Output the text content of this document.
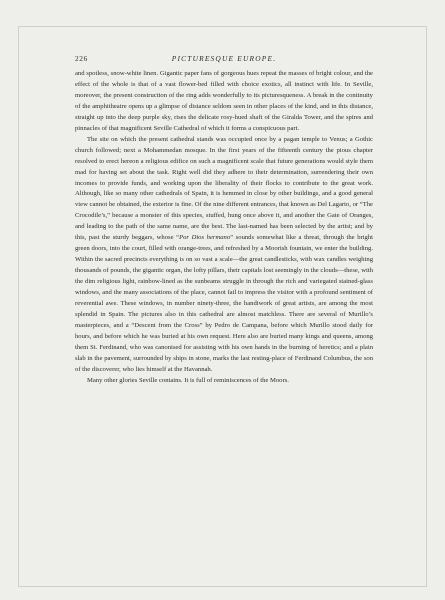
226	PICTURESQUE EUROPE.

and spotless, snow-white linen. Gigantic paper fans of gorgeous hues repeat the masses of bright colour, and the effect of the whole is that of a vast flower-bed filled with choice exotics, all instinct with life. In Seville, moreover, the present construction of the ring adds wonderfully to its picturesqueness. A break in the continuity of the amphitheatre opens up a glimpse of distance seldom seen in other places of the kind, and in this distance, straight up into the deep purple sky, rises the delicate rosy-hued shaft of the Giralda Tower, and the spires and pinnacles of that magnificent Seville Cathedral of which it forms a conspicuous part.

The site on which the present cathedral stands was occupied once by a pagan temple to Venus; a Gothic church followed; next a Mohammedan mosque. In the first years of the fifteenth century the pious chapter resolved to erect hereon a religious edifice on such a magnificent scale that future generations would style them mad for having set about the task. Right well did they adhere to their determination, surrendering their own incomes to provide funds, and working upon the liberality of their flocks to contribute to the great work. Although, like so many other cathedrals of Spain, it is hemmed in close by other buildings, and a good general view cannot be obtained, the exterior is fine. Of the nine different entrances, that known as Del Lagarto, or “The Crocodile’s,” because a monster of this species, stuffed, hung once above it, and another the Gate of Oranges, and leading to the path of the same name, are the best. The last-named has been selected by the artist; and by this, past the sturdy beggars, whose “Por Dios hermano” sounds somewhat like a threat, through the bright green doors, into the court, filled with orange-trees, and refreshed by a Moorish fountain, we enter the building. Within the sacred precincts everything is on so vast a scale—the great candlesticks, with wax candles weighing thousands of pounds, the gigantic organ, the lofty pillars, their capitals lost seemingly in the clouds—these, with the dim religious light, rainbow-lined as the sunbeams struggle in through the rich and variegated stained-glass windows, and the many associations of the place, cannot fail to impress the visitor with a profound sentiment of reverential awe. These windows, in number ninety-three, the handiwork of great artists, are among the most splendid in Spain. The pictures also in this cathedral are almost matchless. There are several of Murillo’s masterpieces, and a “Descent from the Cross” by Pedro de Campana, before which Murillo stood daily for hours, and before which he was buried at his own request. Here also are buried many kings and queens, among them St. Ferdinand, who was canonised for assisting with his own hands in the burning of heretics; and a plain slab in the pavement, surrounded by ships in stone, marks the last resting-place of Ferdinand Columbus, the son of the discoverer, who lies himself at the Havannah.

Many other glories Seville contains. It is full of reminiscences of the Moors.
